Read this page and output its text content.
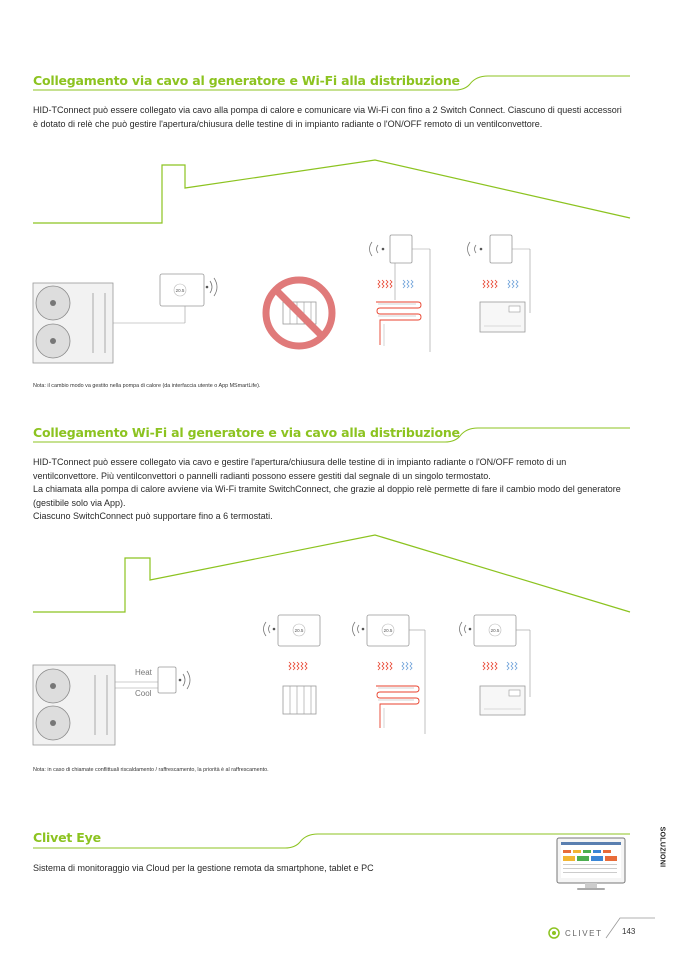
Collegamento via cavo al generatore e Wi-Fi alla distribuzione
HID-TConnect può essere collegato via cavo alla pompa di calore e comunicare via Wi-Fi con fino a 2 Switch Connect. Ciascuno di questi accessori è dotato di relè che può gestire l'apertura/chiusura delle testine di in impianto radiante o l'ON/OFF remoto di un ventilconvettore.
20.5
Nota: il cambio modo va gestito nella pompa di calore (da interfaccia utente o App MSmartLife).
Collegamento Wi-Fi al generatore e via cavo alla distribuzione

HID-TConnect può essere collegato via cavo e gestire l'apertura/chiusura delle testine di in impianto radiante o l'ON/OFF remoto di un ventilconvettore. Più ventilconvettori o pannelli radianti possono essere gestiti dal segnale di un singolo termostato.

La chiamata alla pompa di calore avviene via Wi-Fi tramite SwitchConnect, che grazie al doppio relè permette di fare il cambio modo del generatore (gestibile solo via App).

Ciascuno SwitchConnect può supportare fino a 6 termostati.

20.5	20.5	20.5
Heat
Cool
Nota: in caso di chiamate conflittuali riscaldamento / raffrescamento, la priorità è al raffrescamento.
Clivet Eye
Sistema di monitoraggio via Cloud per la gestione remota da smartphone, tablet e PC
SOLUZIONI
CLIVET 143
